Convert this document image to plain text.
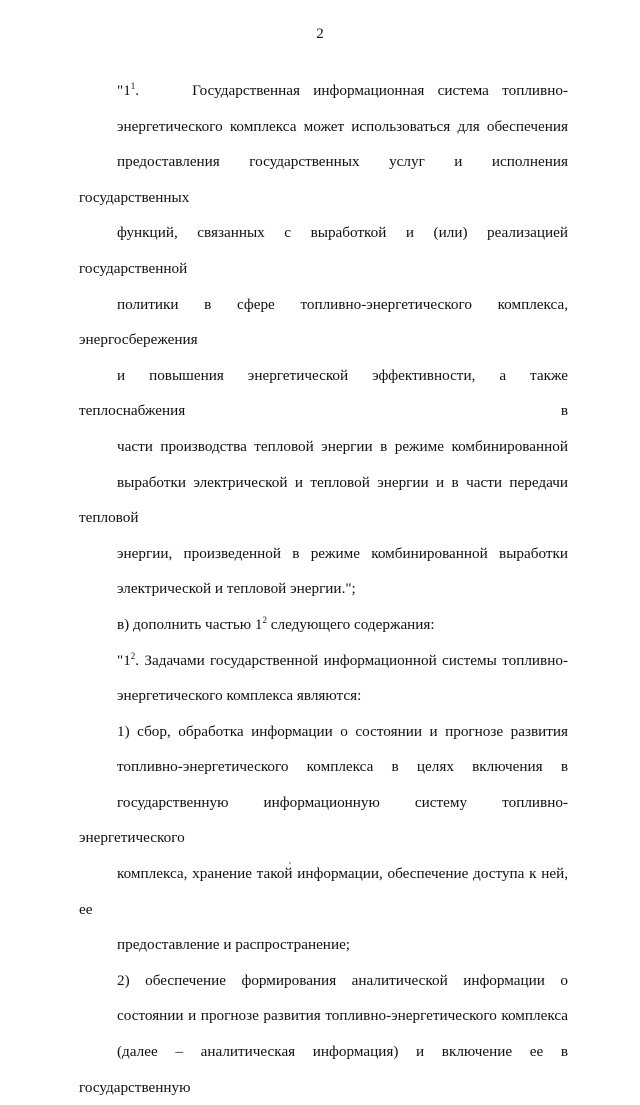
2

"$1^1$.	Государственная информационная система топливно-
энергетического комплекса может использоваться для обеспечения
предоставления государственных услуг и исполнения государственных
функций, связанных с выработкой и (или) реализацией государственной
политики в сфере топливно-энергетического комплекса, энергосбережения
и повышения энергетической эффективности, а также теплоснабжения в
части производства тепловой энергии в режиме комбинированной
выработки электрической и тепловой энергии и в части передачи тепловой
энергии, произведенной в режиме комбинированной выработки
электрической и тепловой энергии.";

в) дополнить частью $1^2$ следующего содержания:

"$1^2$. Задачами государственной информационной системы топливно-
энергетического комплекса являются:

1) сбор, обработка информации о состоянии и прогнозе развития
топливно-энергетического комплекса в целях включения в
государственную информационную систему топливно-энергетического
комплекса, хранение такой информации, обеспечение доступа к ней, ее
предоставление и распространение;

2) обеспечение формирования аналитической информации о
состоянии и прогнозе развития топливно-энергетического комплекса
(далее – аналитическая информация) и включение ее в государственную
